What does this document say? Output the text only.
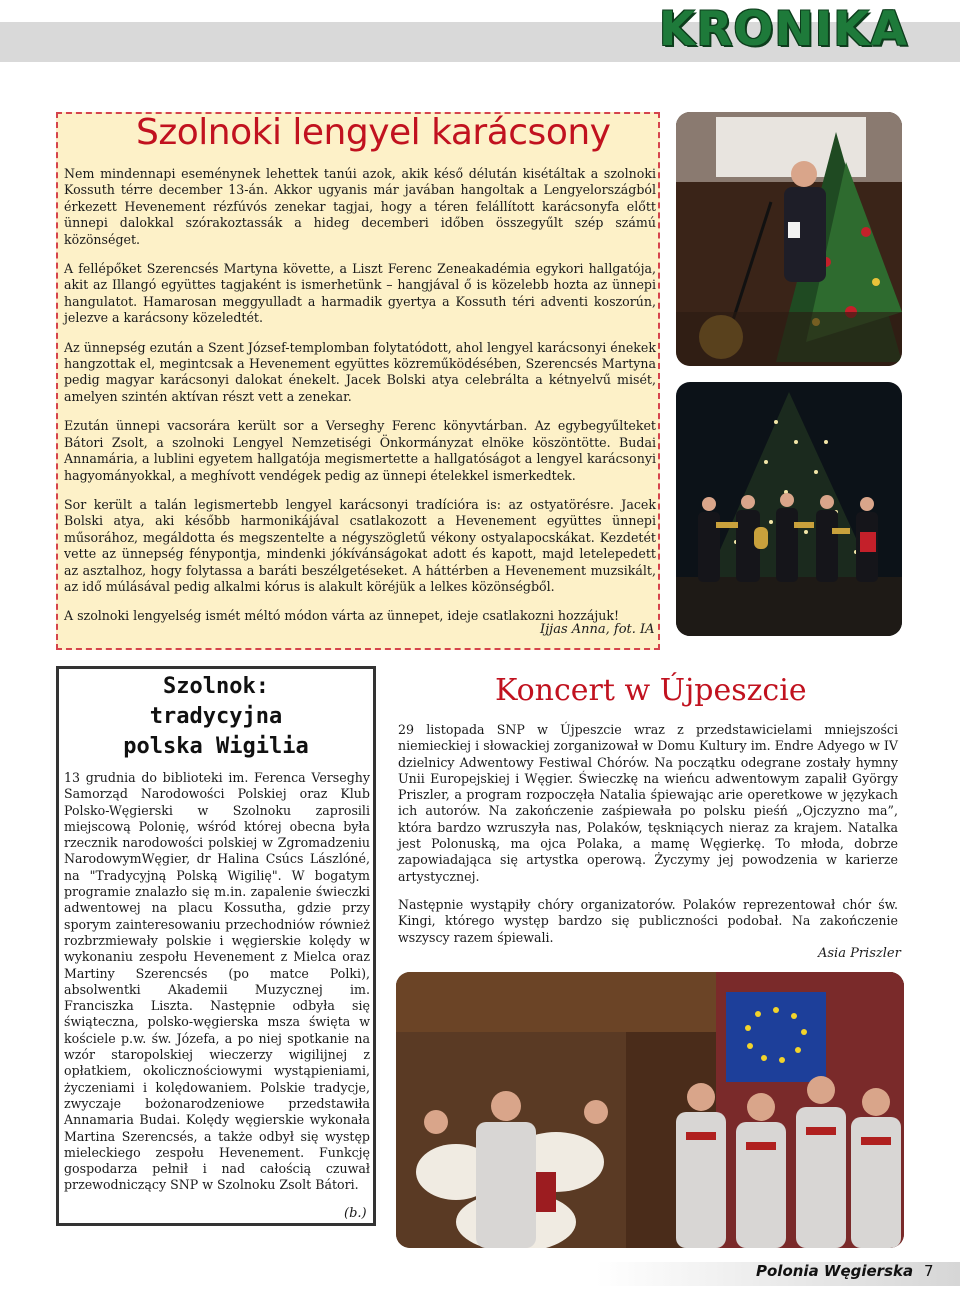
KRONIKA
Szolnoki lengyel karácsony

Nem mindennapi eseménynek lehettek tanúi azok, akik késő délután kisétáltak a szolnoki Kossuth térre december 13-án. Akkor ugyanis már javában hangoltak a Lengyelországból érkezett Hevenement rézfúvós zenekar tagjai, hogy a téren felállított karácsonyfa előtt ünnepi dalokkal szórakoztassák a hideg decemberi időben összegyűlt szép számú közönséget.

A fellépőket Szerencsés Martyna követte, a Liszt Ferenc Zeneakadémia egykori hallgatója, akit az Illangó együttes tagjaként is ismerhetünk – hangjával ő is közelebb hozta az ünnepi hangulatot. Hamarosan meggyulladt a harmadik gyertya a Kossuth téri adventi koszorún, jelezve a karácsony közeledtét.

Az ünnepség ezután a Szent József-templomban folytatódott, ahol lengyel karácsonyi énekek hangzottak el, megintcsak a Hevenement együttes közreműködésében, Szerencsés Martyna pedig magyar karácsonyi dalokat énekelt. Jacek Bolski atya celebrálta a kétnyelvű misét, amelyen szintén aktívan részt vett a zenekar.

Ezután ünnepi vacsorára került sor a Verseghy Ferenc könyvtárban. Az egybegyűlteket Bátori Zsolt, a szolnoki Lengyel Nemzetiségi Önkormányzat elnöke köszöntötte. Budai Annamária, a lublini egyetem hallgatója megismertette a hallgatóságot a lengyel karácsonyi hagyományokkal, a meghívott vendégek pedig az ünnepi ételekkel ismerkedtek.

Sor került a talán legismertebb lengyel karácsonyi tradícióra is: az ostyatörésre. Jacek Bolski atya, aki később harmonikájával csatlakozott a Hevenement együttes ünnepi műsorához, megáldotta és megszentelte a négyszögletű vékony ostyalapocskákat. Kezdetét vette az ünnepség fénypontja, mindenki jókívánságokat adott és kapott, majd letelepedett az asztalhoz, hogy folytassa a baráti beszélgetéseket. A háttérben a Hevenement muzsikált, az idő múlásával pedig alkalmi kórus is alakult köréjük a lelkes közönségből.

A szolnoki lengyelség ismét méltó módon várta az ünnepet, ideje csatlakozni hozzájuk!

Ijjas Anna, fot. IA
Szolnok:
tradycyjna
polska Wigilia
13 grudnia do biblioteki im. Ferenca Verseghy Samorząd Narodowości Polskiej oraz Klub Polsko-Węgierski w Szolnoku zaprosili miejscową Polonię, wśród której obecna była rzecznik narodowości polskiej w Zgromadzeniu NarodowymWęgier, dr Halina Csúcs Lászlóné, na "Tradycyjną Polską Wigilię". W bogatym programie znalazło się m.in. zapalenie świeczki adwentowej na placu Kossutha, gdzie przy sporym zainteresowaniu przechodniów również rozbrzmiewały polskie i węgierskie kolędy w wykonaniu zespołu Hevenement z Mielca oraz Martiny Szerencsés (po matce Polki), absolwentki Akademii Muzycznej im. Franciszka Liszta. Następnie odbyła się świąteczna, polsko-węgierska msza święta w kościele p.w. św. Józefa, a po niej spotkanie na wzór staropolskiej wieczerzy wigilijnej z opłatkiem, okolicznościowymi wystąpieniami, życzeniami i kolędowaniem. Polskie tradycje, zwyczaje bożonarodzeniowe przedstawiła Annamaria Budai. Kolędy węgierskie wykonała Martina Szerencsés, a także odbył się występ mieleckiego zespołu Hevenement. Funkcję gospodarza pełnił i nad całością czuwał przewodniczący SNP w Szolnoku Zsolt Bátori.
(b.)
Koncert w Újpeszcie

29 listopada SNP w Újpeszcie wraz z przedstawicielami mniejszości niemieckiej i słowackiej zorganizował w Domu Kultury im. Endre Adyego w IV dzielnicy Adwentowy Festiwal Chórów. Na początku odegrane zostały hymny Unii Europejskiej i Węgier. Świeczkę na wieńcu adwentowym zapalił György Priszler, a program rozpoczęła Natalia śpiewając arie operetkowe w językach ich autorów. Na zakończenie zaśpiewała po polsku pieśń „Ojczyzno ma”, która bardzo wzruszyła nas, Polaków, tęskniących nieraz za krajem. Natalka jest Polonuską, ma ojca Polaka, a mamę Węgierkę. To młoda, dobrze zapowiadająca się artystka operową. Życzymy jej powodzenia w karierze artystycznej.

Następnie wystąpiły chóry organizatorów. Polaków reprezentował chór św. Kingi, którego występ bardzo się publiczności podobał. Na zakończenie wszyscy razem śpiewali.

Asia Priszler
Polonia Węgierska 7
